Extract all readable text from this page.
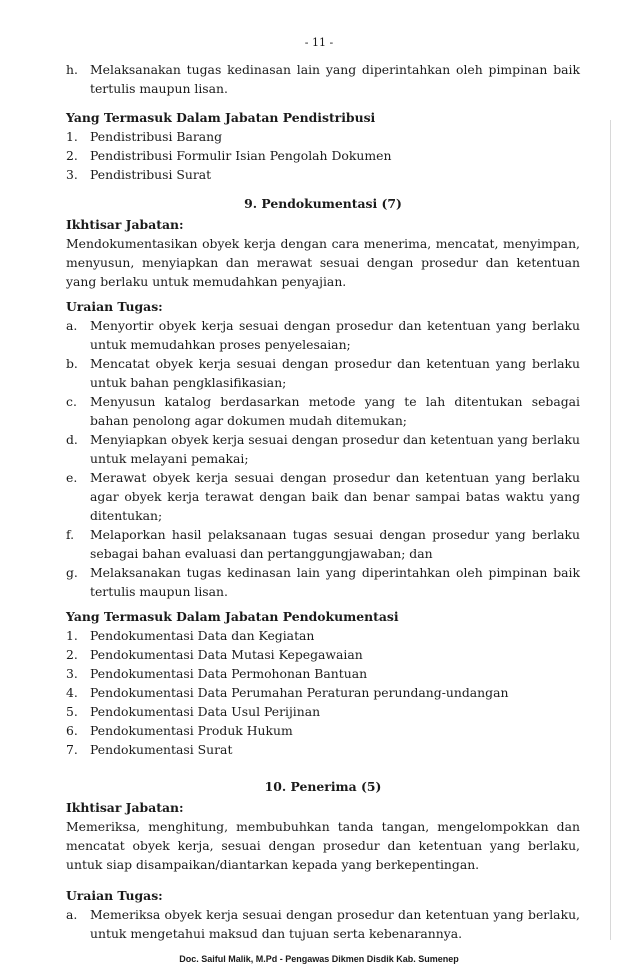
- 11 -
h. Melaksanakan tugas kedinasan lain yang diperintahkan oleh pimpinan baik tertulis maupun lisan.
Yang Termasuk Dalam Jabatan Pendistribusi
1. Pendistribusi Barang
2. Pendistribusi Formulir Isian Pengolah Dokumen
3. Pendistribusi Surat
9. Pendokumentasi (7)
Ikhtisar Jabatan:
Mendokumentasikan obyek kerja dengan cara menerima, mencatat, menyimpan, menyusun, menyiapkan dan merawat sesuai dengan prosedur dan ketentuan yang berlaku untuk memudahkan penyajian.
Uraian Tugas:
a. Menyortir obyek kerja sesuai dengan prosedur dan ketentuan yang berlaku untuk memudahkan proses penyelesaian;
b. Mencatat obyek kerja sesuai dengan prosedur dan ketentuan yang berlaku untuk bahan pengklasifikasian;
c. Menyusun katalog berdasarkan metode yang te lah ditentukan sebagai bahan penolong agar dokumen mudah ditemukan;
d. Menyiapkan obyek kerja sesuai dengan prosedur dan ketentuan yang berlaku untuk melayani pemakai;
e. Merawat obyek kerja sesuai dengan prosedur dan ketentuan yang berlaku agar obyek kerja terawat dengan baik dan benar sampai batas waktu yang ditentukan;
f. Melaporkan hasil pelaksanaan tugas sesuai dengan prosedur yang berlaku sebagai bahan evaluasi dan pertanggungjawaban; dan
g. Melaksanakan tugas kedinasan lain yang diperintahkan oleh pimpinan baik tertulis maupun lisan.
Yang Termasuk Dalam Jabatan Pendokumentasi
1. Pendokumentasi Data dan Kegiatan
2. Pendokumentasi Data Mutasi Kepegawaian
3. Pendokumentasi Data Permohonan Bantuan
4. Pendokumentasi Data Perumahan Peraturan perundang-undangan
5. Pendokumentasi Data Usul Perijinan
6. Pendokumentasi Produk Hukum
7. Pendokumentasi Surat
10. Penerima (5)
Ikhtisar Jabatan:
Memeriksa, menghitung, membubuhkan tanda tangan, mengelompokkan dan mencatat obyek kerja, sesuai dengan prosedur dan ketentuan yang berlaku, untuk siap disampaikan/diantarkan kepada yang berkepentingan.
Uraian Tugas:
a. Memeriksa obyek kerja sesuai dengan prosedur dan ketentuan yang berlaku, untuk mengetahui maksud dan tujuan serta kebenarannya.
Doc. Saiful Malik, M.Pd - Pengawas Dikmen Disdik Kab. Sumenep
